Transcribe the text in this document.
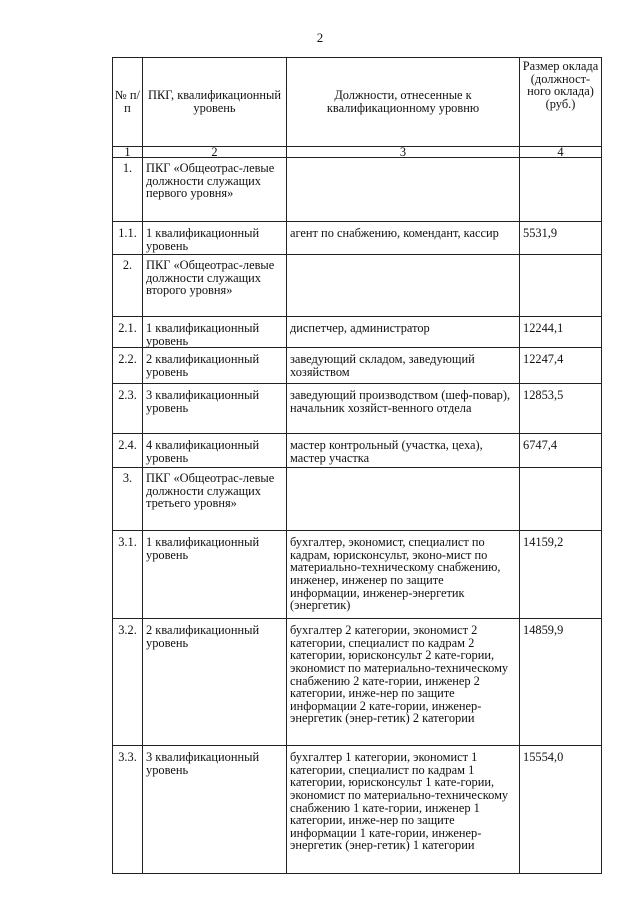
2
№ п/п	ПКГ, квалификационный уровень	Должности, отнесенные к квалификационному уровню	Размер оклада (должност-ного оклада) (руб.)
1	2	3	4
1.	ПКГ «Общеотрас-левые должности служащих первого уровня»		
1.1.	1 квалификационный уровень	агент по снабжению, комендант, кассир	5531,9
2.	ПКГ «Общеотрас-левые должности служащих второго уровня»		
2.1.	1 квалификационный уровень	диспетчер, администратор	12244,1
2.2.	2 квалификационный уровень	заведующий складом, заведующий хозяйством	12247,4
2.3.	3 квалификационный уровень	заведующий производством (шеф-повар), начальник хозяйст-венного отдела	12853,5
2.4.	4 квалификационный уровень	мастер контрольный (участка, цеха), мастер участка	6747,4
3.	ПКГ «Общеотрас-левые должности служащих третьего уровня»		
3.1.	1 квалификационный уровень	бухгалтер, экономист, специалист по кадрам, юрисконсульт, эконо-мист по материально-техническому снабжению, инженер, инженер по защите информации, инженер-энергетик (энергетик)	14159,2
3.2.	2 квалификационный уровень	бухгалтер 2 категории, экономист 2 категории, специалист по кадрам 2 категории, юрисконсульт 2 кате-гории, экономист по материально-техническому снабжению 2 кате-гории, инженер 2 категории, инже-нер по защите информации 2 кате-гории, инженер-энергетик (энер-гетик) 2 категории	14859,9
3.3.	3 квалификационный уровень	бухгалтер 1 категории, экономист 1 категории, специалист по кадрам 1 категории, юрисконсульт 1 кате-гории, экономист по материально-техническому снабжению 1 кате-гории, инженер 1 категории, инже-нер по защите информации 1 кате-гории, инженер-энергетик (энер-гетик) 1 категории	15554,0
